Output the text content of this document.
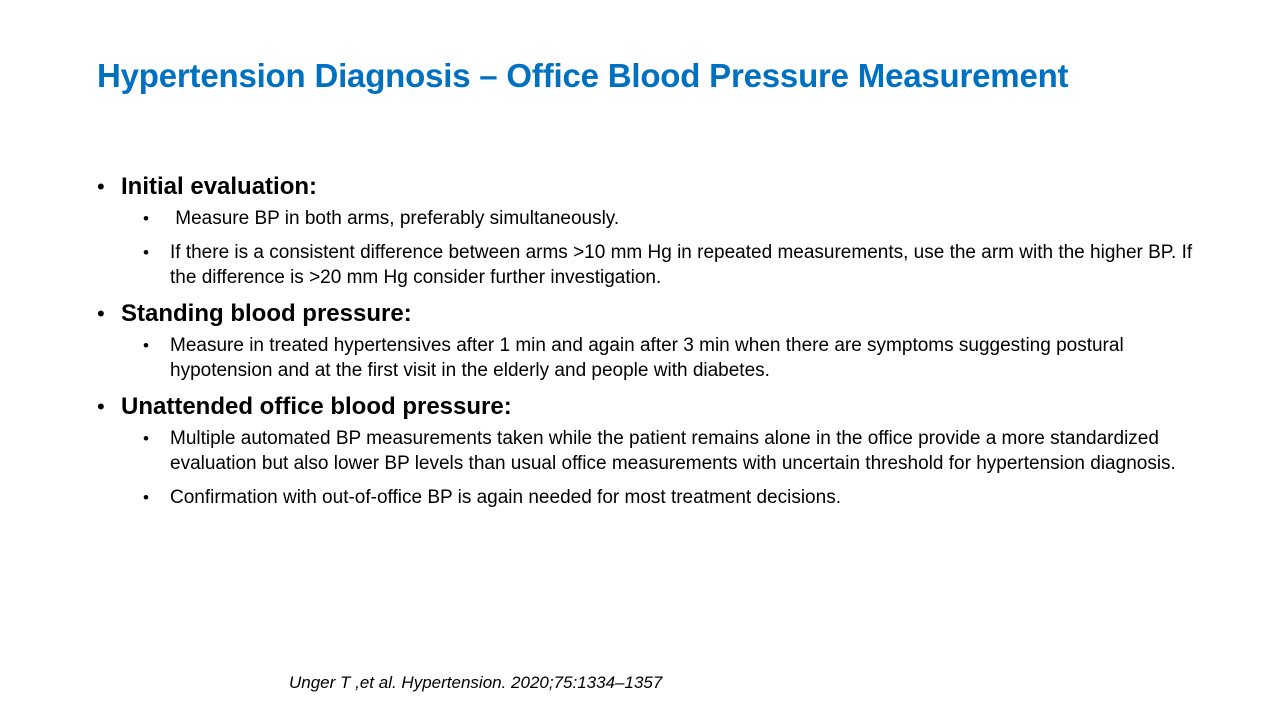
Hypertension Diagnosis – Office Blood Pressure Measurement
• Initial evaluation:
•	Measure BP in both arms, preferably simultaneously.
•	If there is a consistent difference between arms >10 mm Hg in repeated measurements, use the arm with the higher BP. If the difference is >20 mm Hg consider further investigation.
• Standing blood pressure:
•	Measure in treated hypertensives after 1 min and again after 3 min when there are symptoms suggesting postural hypotension and at the first visit in the elderly and people with diabetes.
• Unattended office blood pressure:
•	Multiple automated BP measurements taken while the patient remains alone in the office provide a more standardized evaluation but also lower BP levels than usual office measurements with uncertain threshold for hypertension diagnosis.
•	Confirmation with out-of-office BP is again needed for most treatment decisions.
Unger T ,et al. Hypertension. 2020;75:1334–1357
